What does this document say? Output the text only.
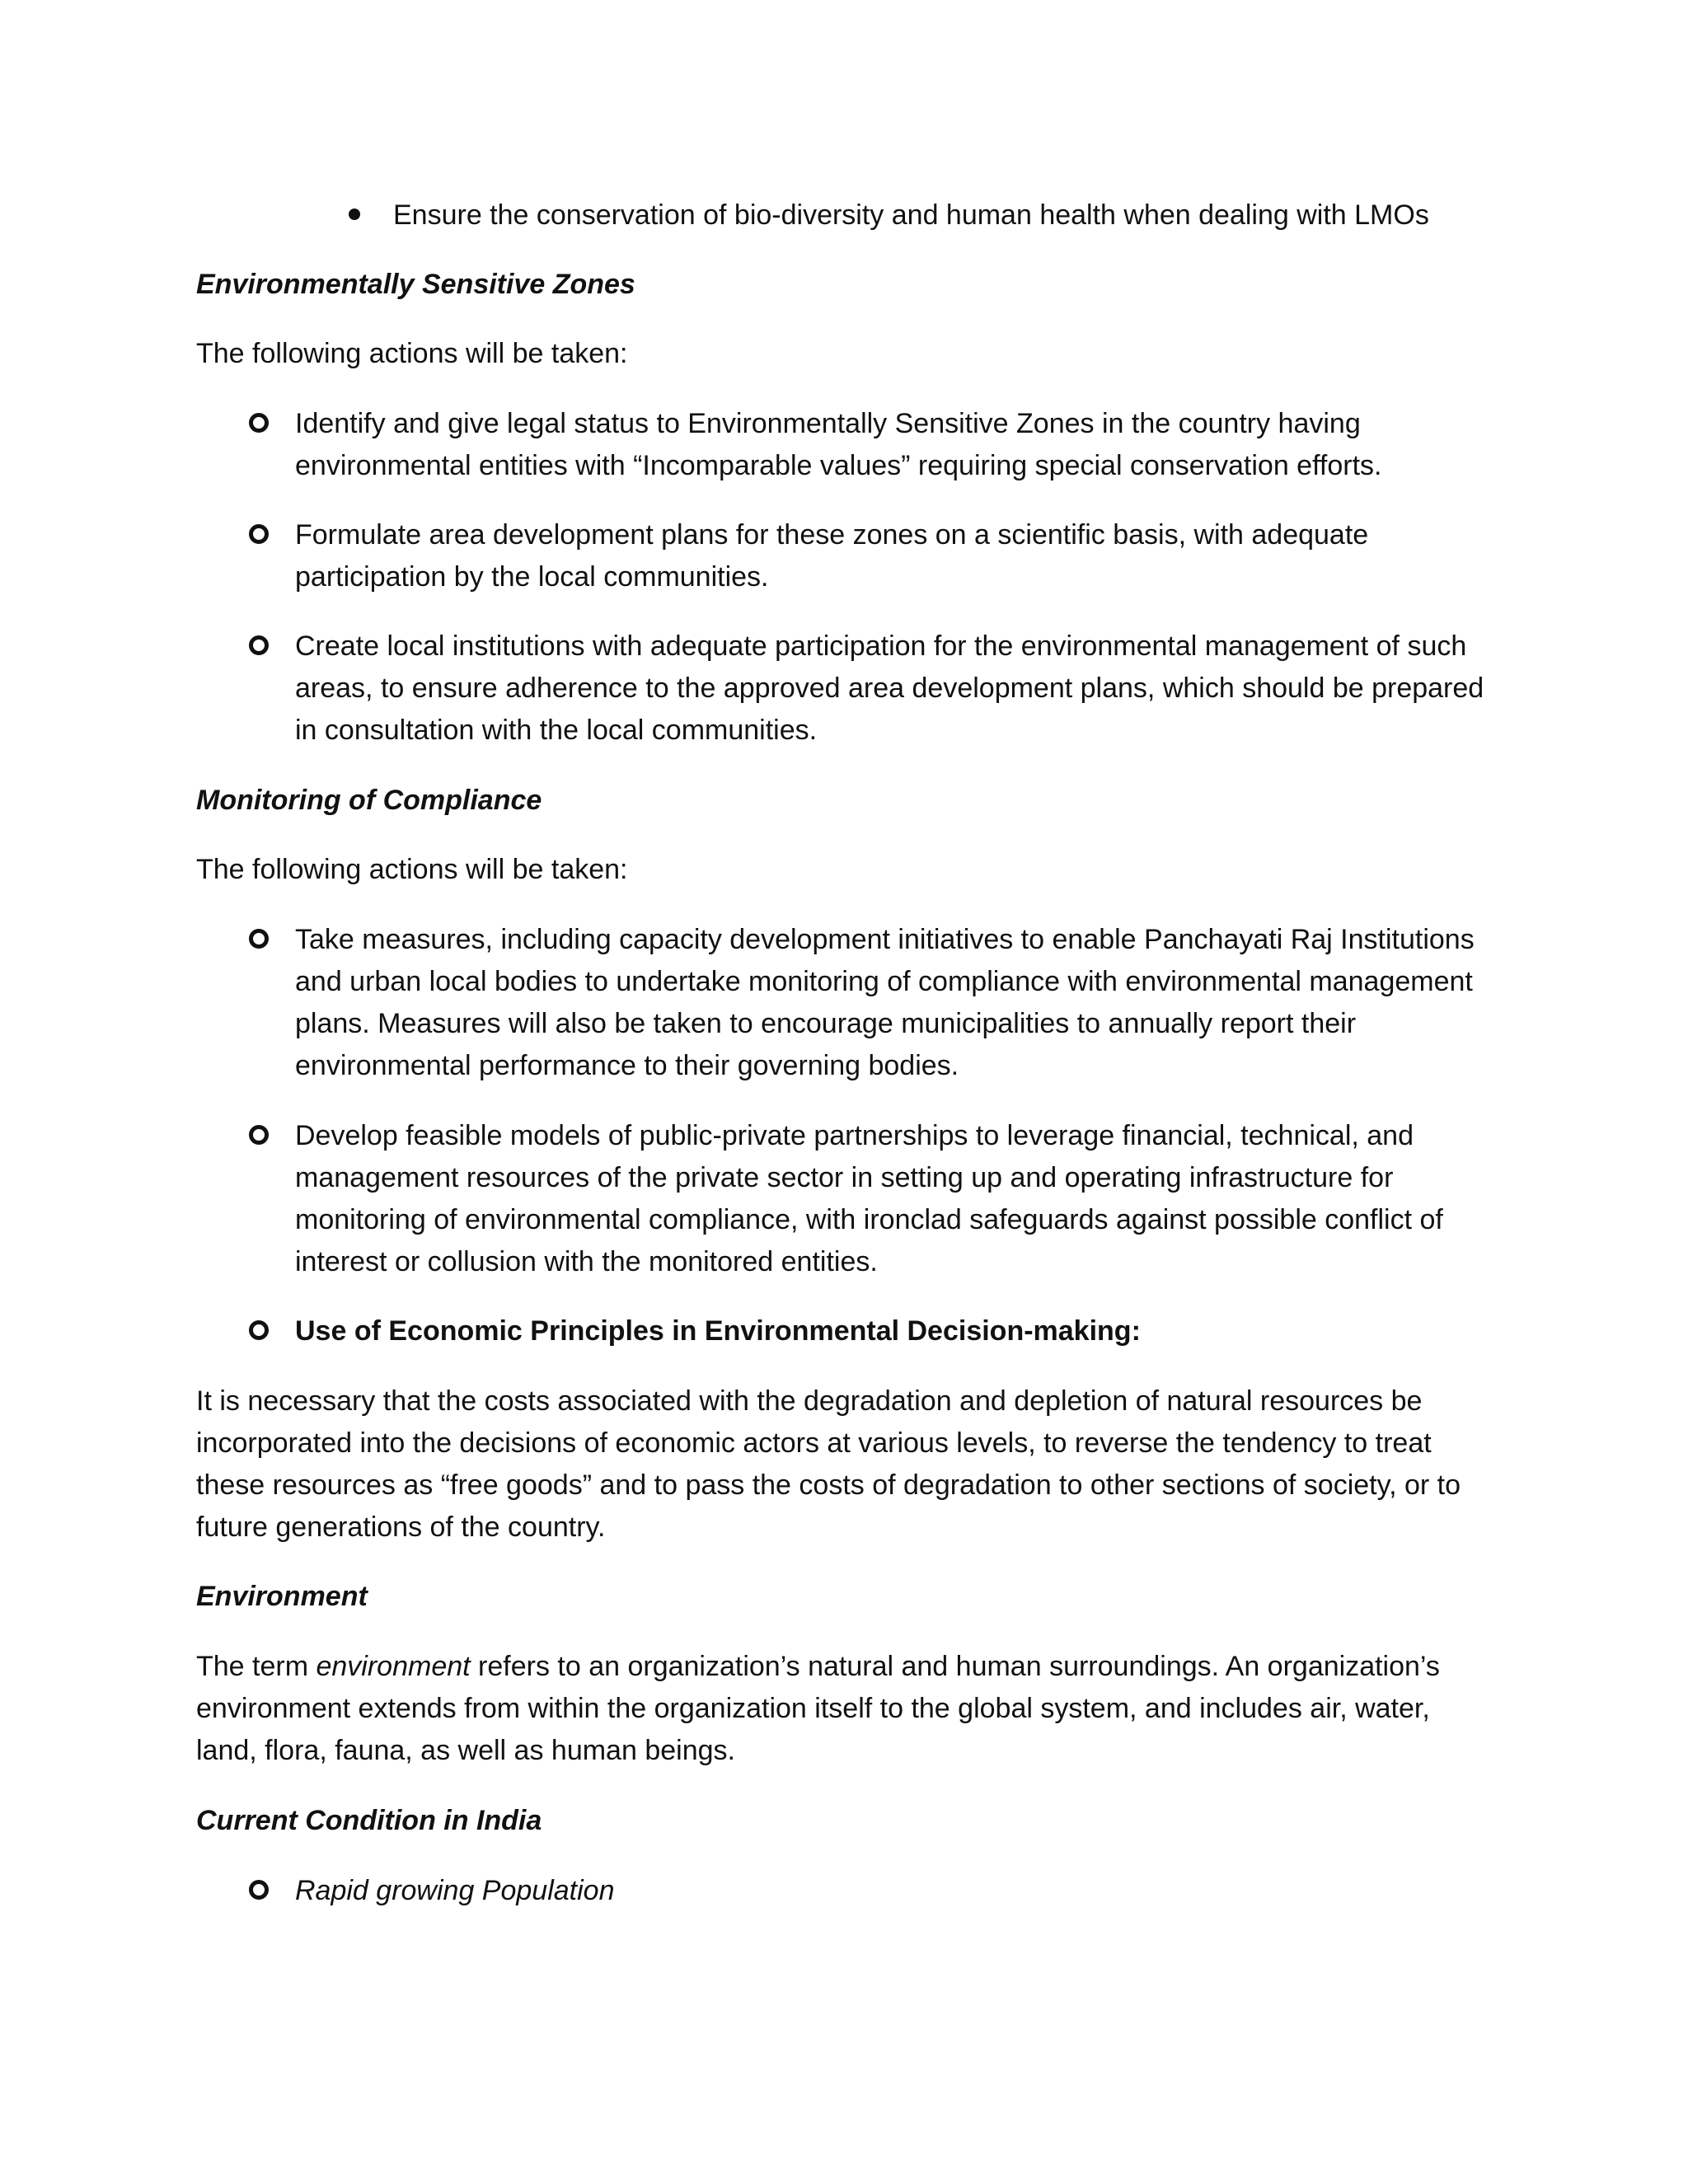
Ensure the conservation of bio-diversity and human health when dealing with LMOs

Environmentally Sensitive Zones

The following actions will be taken:

Identify and give legal status to Environmentally Sensitive Zones in the country having

environmental entities with “Incomparable values” requiring special conservation efforts.

Formulate area development plans for these zones on a scientific basis, with adequate

participation by the local communities.

Create local institutions with adequate participation for the environmental management of such

areas, to ensure adherence to the approved area development plans, which should be prepared

in consultation with the local communities.

Monitoring of Compliance

The following actions will be taken:

Take measures, including capacity development initiatives to enable Panchayati Raj Institutions

and urban local bodies to undertake monitoring of compliance with environmental management

plans. Measures will also be taken to encourage municipalities to annually report their

environmental performance to their governing bodies.

Develop feasible models of public-private partnerships to leverage financial, technical, and

management resources of the private sector in setting up and operating infrastructure for

monitoring of environmental compliance, with ironclad safeguards against possible conflict of

interest or collusion with the monitored entities.

Use of Economic Principles in Environmental Decision-making:

It is necessary that the costs associated with the degradation and depletion of natural resources be

incorporated into the decisions of economic actors at various levels, to reverse the tendency to treat

these resources as “free goods” and to pass the costs of degradation to other sections of society, or to

future generations of the country.

Environment

The term environment refers to an organization’s natural and human surroundings. An organization’s

environment extends from within the organization itself to the global system, and includes air, water,

land, flora, fauna, as well as human beings.

Current Condition in India

Rapid growing Population
